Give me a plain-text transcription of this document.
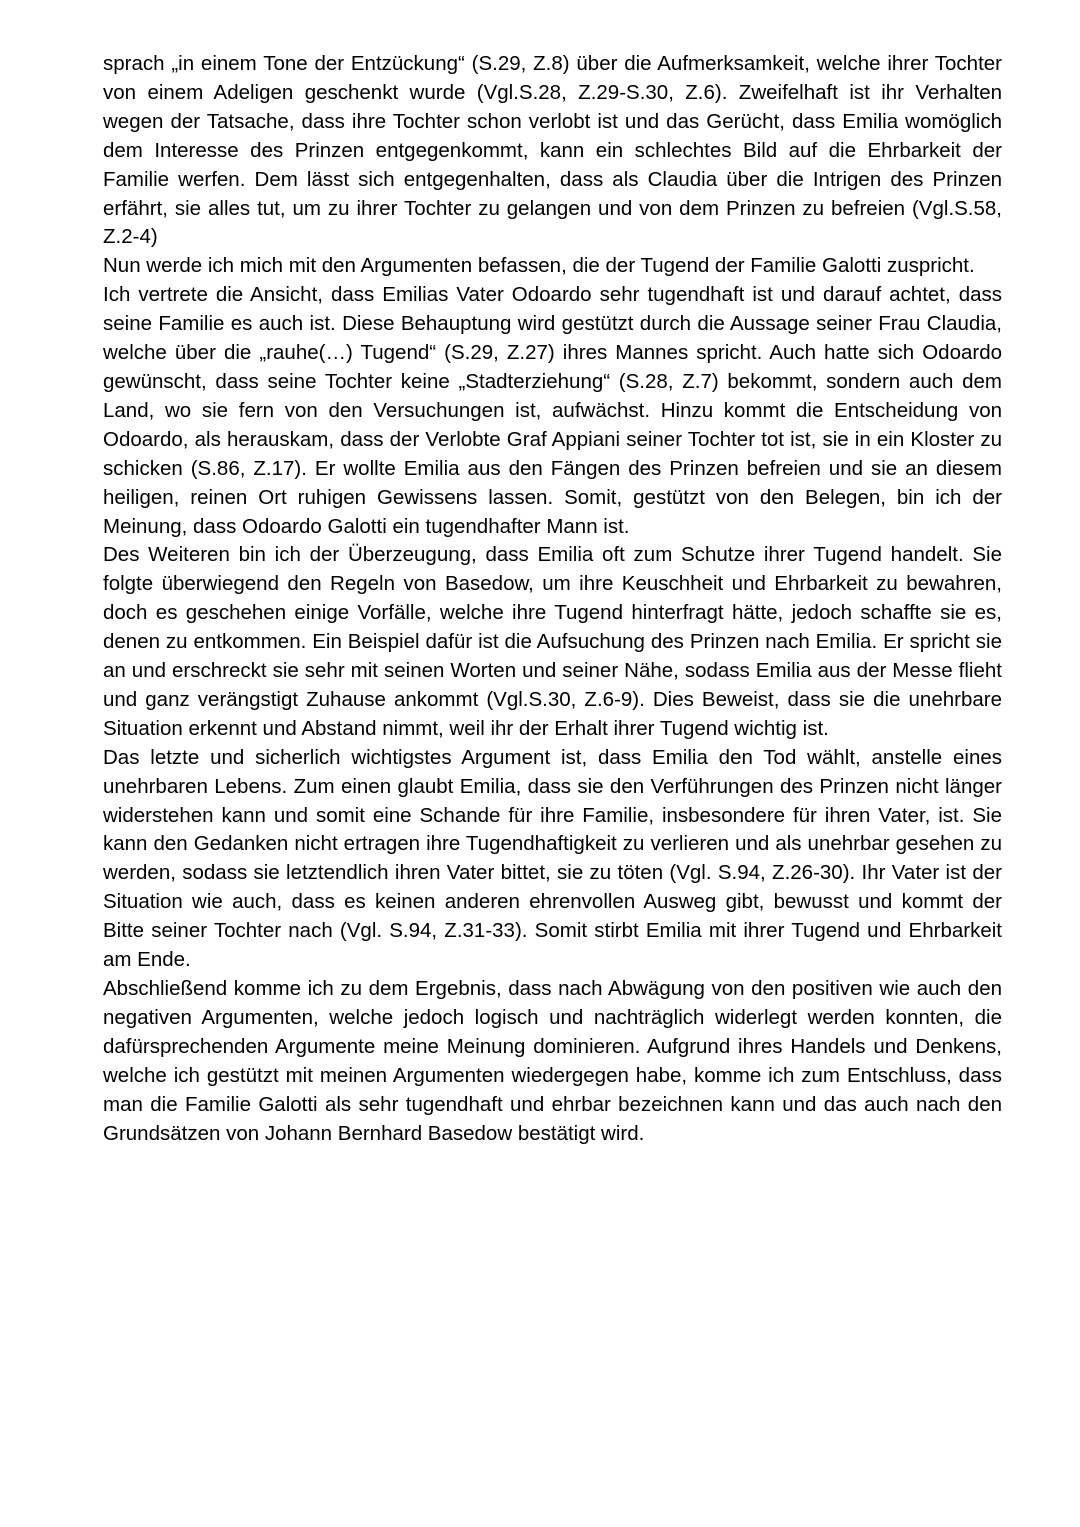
sprach „in einem Tone der Entzückung“ (S.29, Z.8) über die Aufmerksamkeit, welche ihrer Tochter von einem Adeligen geschenkt wurde (Vgl.S.28, Z.29-S.30, Z.6). Zweifelhaft ist ihr Verhalten wegen der Tatsache, dass ihre Tochter schon verlobt ist und das Gerücht, dass Emilia womöglich dem Interesse des Prinzen entgegenkommt, kann ein schlechtes Bild auf die Ehrbarkeit der Familie werfen. Dem lässt sich entgegenhalten, dass als Claudia über die Intrigen des Prinzen erfährt, sie alles tut, um zu ihrer Tochter zu gelangen und von dem Prinzen zu befreien (Vgl.S.58, Z.2-4)

Nun werde ich mich mit den Argumenten befassen, die der Tugend der Familie Galotti zuspricht.

Ich vertrete die Ansicht, dass Emilias Vater Odoardo sehr tugendhaft ist und darauf achtet, dass seine Familie es auch ist. Diese Behauptung wird gestützt durch die Aussage seiner Frau Claudia, welche über die „rauhe(…) Tugend“ (S.29, Z.27) ihres Mannes spricht. Auch hatte sich Odoardo gewünscht, dass seine Tochter keine „Stadterziehung“ (S.28, Z.7) bekommt, sondern auch dem Land, wo sie fern von den Versuchungen ist, aufwächst. Hinzu kommt die Entscheidung von Odoardo, als herauskam, dass der Verlobte Graf Appiani seiner Tochter tot ist, sie in ein Kloster zu schicken (S.86, Z.17). Er wollte Emilia aus den Fängen des Prinzen befreien und sie an diesem heiligen, reinen Ort ruhigen Gewissens lassen. Somit, gestützt von den Belegen, bin ich der Meinung, dass Odoardo Galotti ein tugendhafter Mann ist.

Des Weiteren bin ich der Überzeugung, dass Emilia oft zum Schutze ihrer Tugend handelt. Sie folgte überwiegend den Regeln von Basedow, um ihre Keuschheit und Ehrbarkeit zu bewahren, doch es geschehen einige Vorfälle, welche ihre Tugend hinterfragt hätte, jedoch schaffte sie es, denen zu entkommen. Ein Beispiel dafür ist die Aufsuchung des Prinzen nach Emilia. Er spricht sie an und erschreckt sie sehr mit seinen Worten und seiner Nähe, sodass Emilia aus der Messe flieht und ganz verängstigt Zuhause ankommt (Vgl.S.30, Z.6-9). Dies Beweist, dass sie die unehrbare Situation erkennt und Abstand nimmt, weil ihr der Erhalt ihrer Tugend wichtig ist.

Das letzte und sicherlich wichtigstes Argument ist, dass Emilia den Tod wählt, anstelle eines unehrbaren Lebens. Zum einen glaubt Emilia, dass sie den Verführungen des Prinzen nicht länger widerstehen kann und somit eine Schande für ihre Familie, insbesondere für ihren Vater, ist. Sie kann den Gedanken nicht ertragen ihre Tugendhaftigkeit zu verlieren und als unehrbar gesehen zu werden, sodass sie letztendlich ihren Vater bittet, sie zu töten (Vgl. S.94, Z.26-30). Ihr Vater ist der Situation wie auch, dass es keinen anderen ehrenvollen Ausweg gibt, bewusst und kommt der Bitte seiner Tochter nach (Vgl. S.94, Z.31-33). Somit stirbt Emilia mit ihrer Tugend und Ehrbarkeit am Ende.

Abschließend komme ich zu dem Ergebnis, dass nach Abwägung von den positiven wie auch den negativen Argumenten, welche jedoch logisch und nachträglich widerlegt werden konnten, die dafürsprechenden Argumente meine Meinung dominieren. Aufgrund ihres Handels und Denkens, welche ich gestützt mit meinen Argumenten wiedergegen habe, komme ich zum Entschluss, dass man die Familie Galotti als sehr tugendhaft und ehrbar bezeichnen kann und das auch nach den Grundsätzen von Johann Bernhard Basedow bestätigt wird.
